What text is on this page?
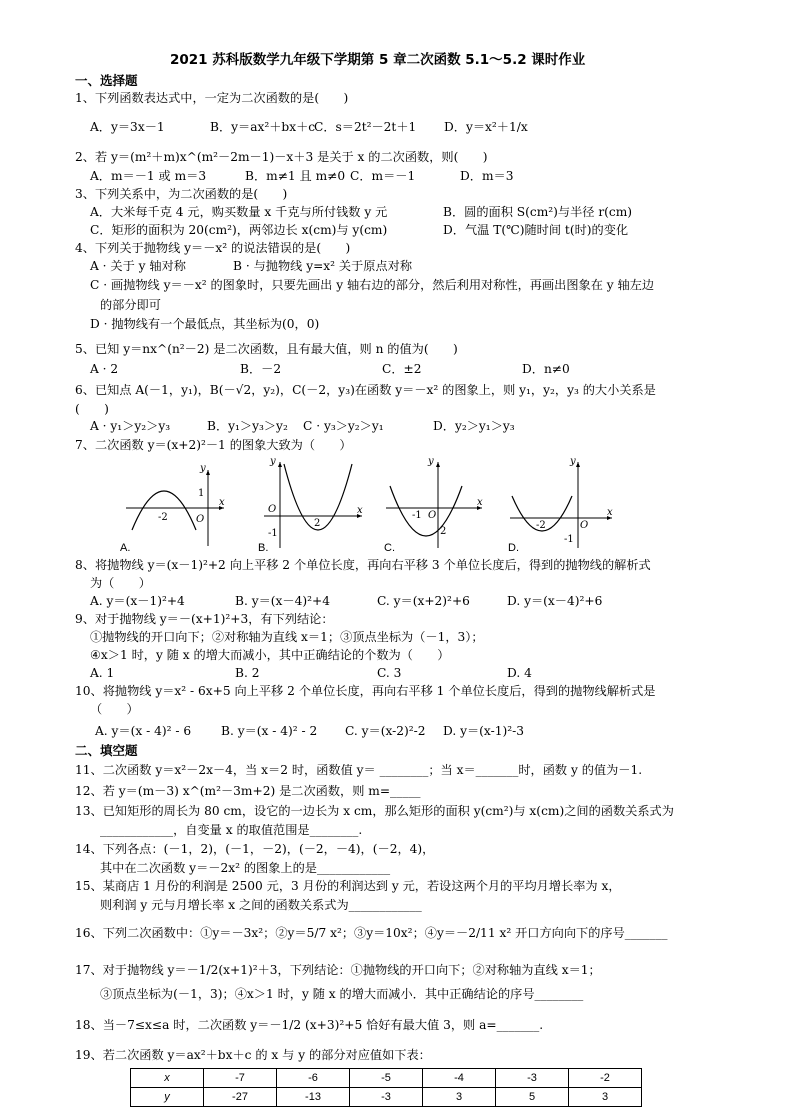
2021 苏科版数学九年级下学期第 5 章二次函数 5.1～5.2 课时作业
一、选择题
1、下列函数表达式中，一定为二次函数的是(　　)
A．y＝3x－1	B．y＝ax²＋bx＋cC．s＝2t²－2t＋1 D．y＝x²＋1/x
2、若 y＝(m²＋m)x^(m²－2m－1)－x＋3 是关于 x 的二次函数，则(　　)
A．m＝－1 或 m＝3	B．m≠1 且 m≠0 C．m＝－1	D．m＝3
3、下列关系中，为二次函数的是(　　)
A．大米每千克 4 元，购买数量 x 千克与所付钱数 y 元	B．圆的面积 S(cm²)与半径 r(cm)
C．矩形的面积为 20(cm²)，两邻边长 x(cm)与 y(cm)	D．气温 T(℃)随时间 t(时)的变化
4、下列关于抛物线 y＝－x² 的说法错误的是(　　)
A · 关于 y 轴对称	B · 与抛物线 y=x² 关于原点对称
C · 画抛物线 y＝－x² 的图象时，只要先画出 y 轴右边的部分，然后利用对称性，再画出图象在 y 轴左边
的部分即可
D · 抛物线有一个最低点，其坐标为(0，0)
5、已知 y＝nx^(n²－2) 是二次函数，且有最大值，则 n 的值为(　　)
A · 2	B．－2	C．±2	D．n≠0
6、已知点 A(－1，y₁)，B(－√2，y₂)，C(－2，y₃)在函数 y＝－x² 的图象上，则 y₁，y₂，y₃ 的大小关系是
(　　)
A · y₁＞y₂＞y₃	B．y₁＞y₃＞y₂ C · y₃＞y₂＞y₁	D．y₂＞y₁＞y₃
7、二次函数 y＝(x+2)²－1 的图象大致为（　　）
y
x
1
-2	O
A.
y
x
O
-1
2
B.
y
x
-1 O
2
C.
y
x
-2	O
-1
D.
8、将抛物线 y＝(x－1)²+2 向上平移 2 个单位长度，再向右平移 3 个单位长度后，得到的抛物线的解析式
为（　　）
A. y＝(x－1)²+4	B. y＝(x－4)²+4	C. y＝(x+2)²+6	D. y＝(x－4)²+6
9、对于抛物线 y＝－(x+1)²+3，有下列结论：
①抛物线的开口向下；②对称轴为直线 x＝1；③顶点坐标为（－1，3）；
④x＞1 时，y 随 x 的增大而减小，其中正确结论的个数为（　　）
A. 1	B. 2	C. 3	D. 4
10、将抛物线 y＝x² - 6x+5 向上平移 2 个单位长度，再向右平移 1 个单位长度后，得到的抛物线解析式是
（　　）
A. y＝(x - 4)² - 6 B. y＝(x - 4)² - 2 C. y＝(x-2)²-2 D. y＝(x-1)²-3
二、填空题
11、二次函数 y＝x²－2x－4，当 x＝2 时，函数值 y＝ ________；当 x＝_______时，函数 y 的值为－1.
12、若 y＝(m－3) x^(m²－3m+2) 是二次函数，则 m=_____
13、已知矩形的周长为 80 cm，设它的一边长为 x cm，那么矩形的面积 y(cm²)与 x(cm)之间的函数关系式为
____________，自变量 x 的取值范围是________.
14、下列各点：(－1，2)，(－1，－2)，(－2，－4)，(－2，4)，
其中在二次函数 y＝－2x² 的图象上的是____________
15、某商店 1 月份的利润是 2500 元，3 月份的利润达到 y 元，若设这两个月的平均月增长率为 x，
则利润 y 元与月增长率 x 之间的函数关系式为____________
16、下列二次函数中：①y＝－3x²；②y＝5/7 x²；③y＝10x²；④y＝－2/11 x² 开口方向向下的序号_______
17、对于抛物线 y＝－1/2(x+1)²＋3，下列结论：①抛物线的开口向下；②对称轴为直线 x＝1；
③顶点坐标为(－1，3)；④x＞1 时，y 随 x 的增大而减小．其中正确结论的序号________
18、当－7≤x≤a 时，二次函数 y＝－1/2 (x+3)²+5 恰好有最大值 3，则 a=_______.
19、若二次函数 y＝ax²＋bx＋c 的 x 与 y 的部分对应值如下表：
x	-7	-6	-5	-4	-3	-2
y	-27	-13	-3	3	5	3
